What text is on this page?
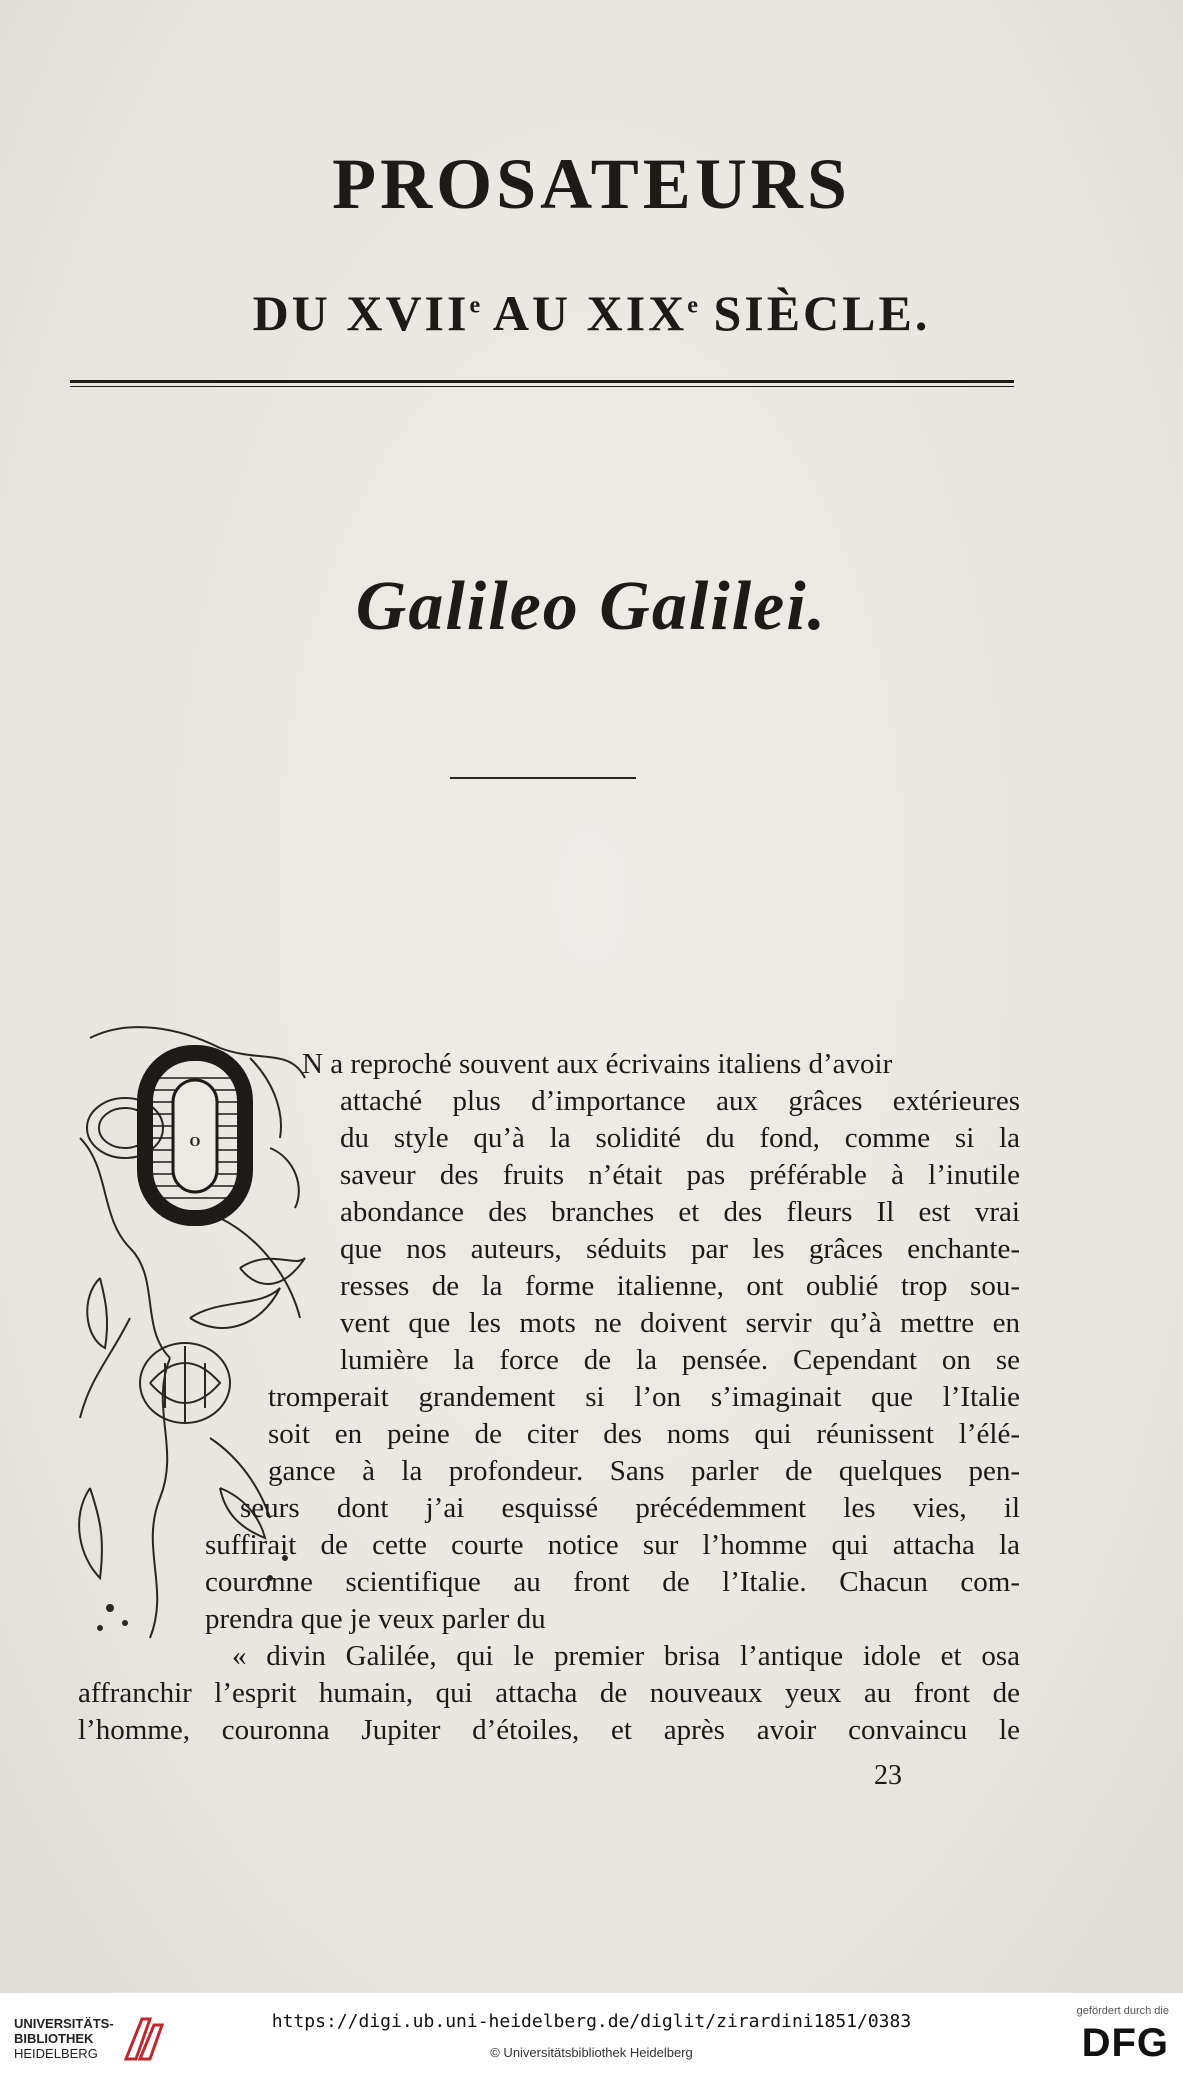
PROSATEURS
DU XVIIe AU XIXe SIÈCLE.
Galileo Galilei.
O
N a reproché souvent aux écrivains italiens d’avoir
attaché plus d’importance aux grâces extérieures
du style qu’à la solidité du fond, comme si la
saveur des fruits n’était pas préférable à l’inutile
abondance des branches et des fleurs Il est vrai
que nos auteurs, séduits par les grâces enchante-
resses de la forme italienne, ont oublié trop sou-
vent que les mots ne doivent servir qu’à mettre en
lumière la force de la pensée. Cependant on se
tromperait grandement si l’on s’imaginait que l’Italie
soit en peine de citer des noms qui réunissent l’élé-
gance à la profondeur. Sans parler de quelques pen-
seurs dont j’ai esquissé précédemment les vies, il
suffirait de cette courte notice sur l’homme qui attacha la
couronne scientifique au front de l’Italie. Chacun com-
prendra que je veux parler du
« divin Galilée, qui le premier brisa l’antique idole et osa
affranchir l’esprit humain, qui attacha de nouveaux yeux au front de
l’homme, couronna Jupiter d’étoiles, et après avoir convaincu le
23
UNIVERSITÄTS-
BIBLIOTHEK
HEIDELBERG
https://digi.ub.uni-heidelberg.de/diglit/zirardini1851/0383
© Universitätsbibliothek Heidelberg
gefördert durch die
DFG
